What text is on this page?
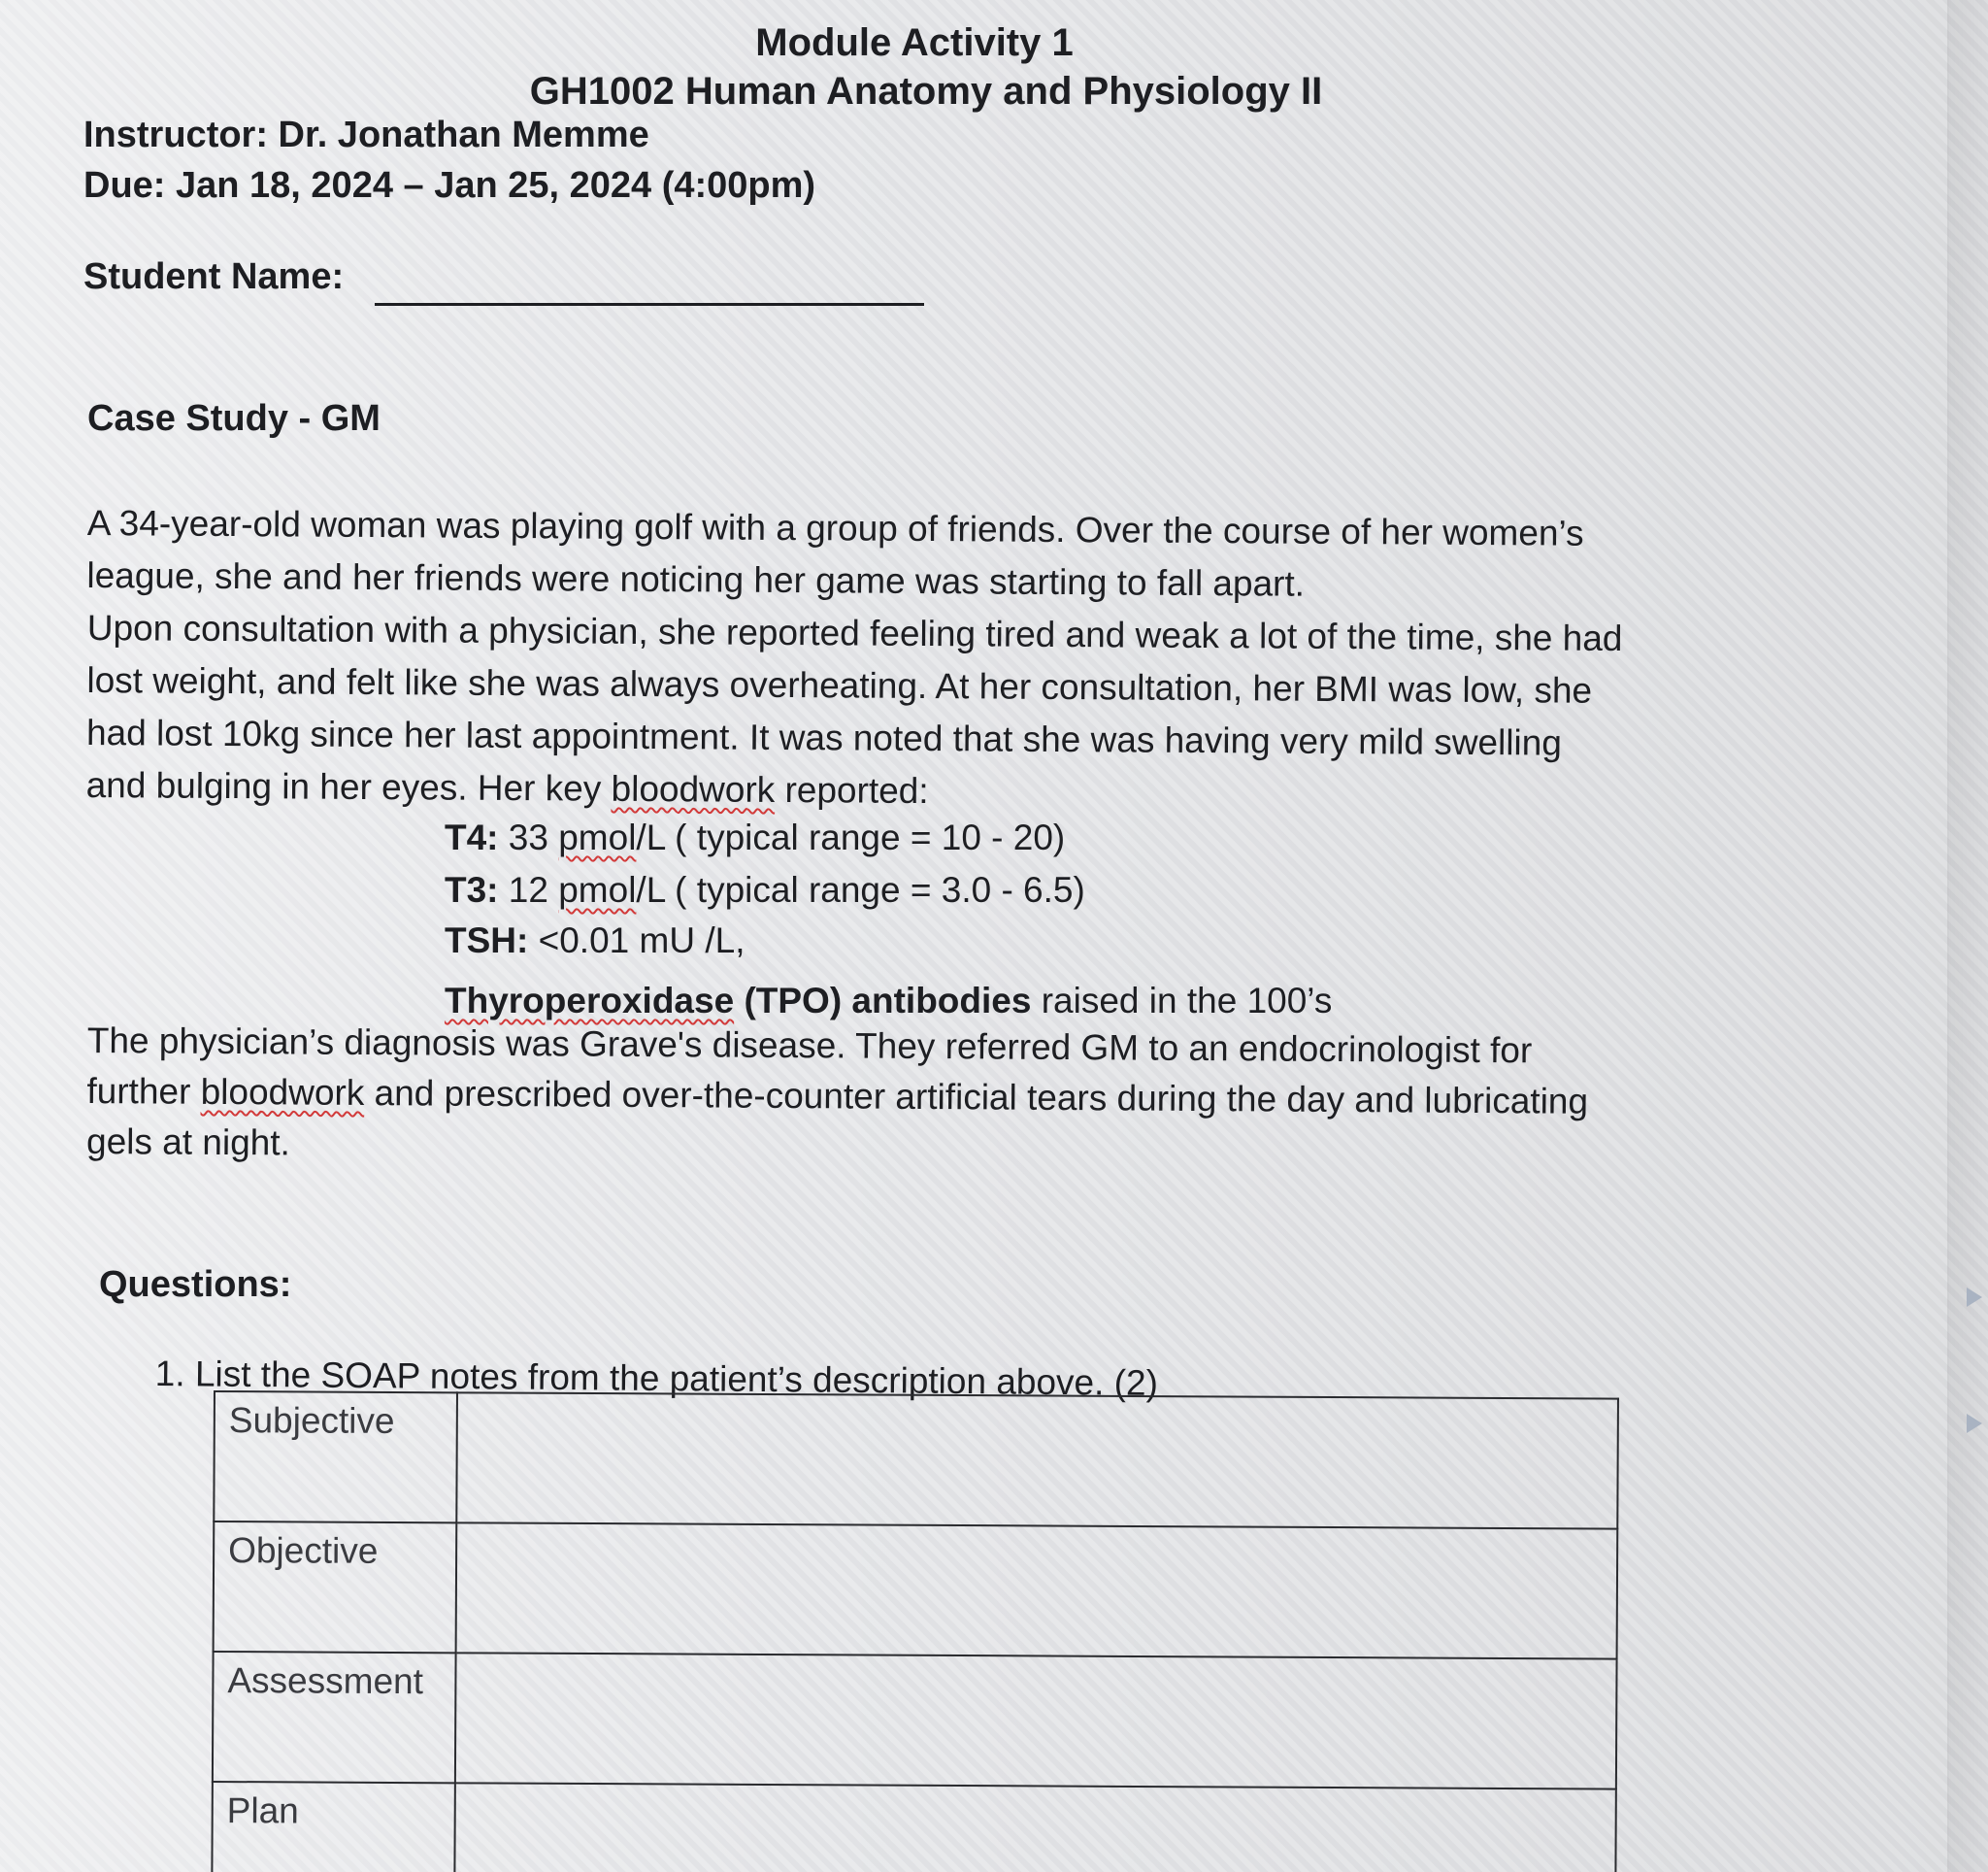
Module Activity 1
GH1002 Human Anatomy and Physiology II
Instructor: Dr. Jonathan Memme
Due: Jan 18, 2024 – Jan 25, 2024 (4:00pm)
Student Name:
Case Study - GM
A 34-year-old woman was playing golf with a group of friends. Over the course of her women’s
league, she and her friends were noticing her game was starting to fall apart.
Upon consultation with a physician, she reported feeling tired and weak a lot of the time, she had
lost weight, and felt like she was always overheating. At her consultation, her BMI was low, she
had lost 10kg since her last appointment. It was noted that she was having very mild swelling
and bulging in her eyes. Her key bloodwork reported:
T4: 33 pmol/L ( typical range = 10 - 20)
T3: 12 pmol/L ( typical range = 3.0 - 6.5)
TSH: <0.01 mU /L,
Thyroperoxidase (TPO) antibodies raised in the 100’s
The physician’s diagnosis was Grave's disease. They referred GM to an endocrinologist for
further bloodwork and prescribed over-the-counter artificial tears during the day and lubricating
gels at night.
Questions:
1. List the SOAP notes from the patient’s description above. (2)
Subjective	
Objective	
Assessment	
Plan	
